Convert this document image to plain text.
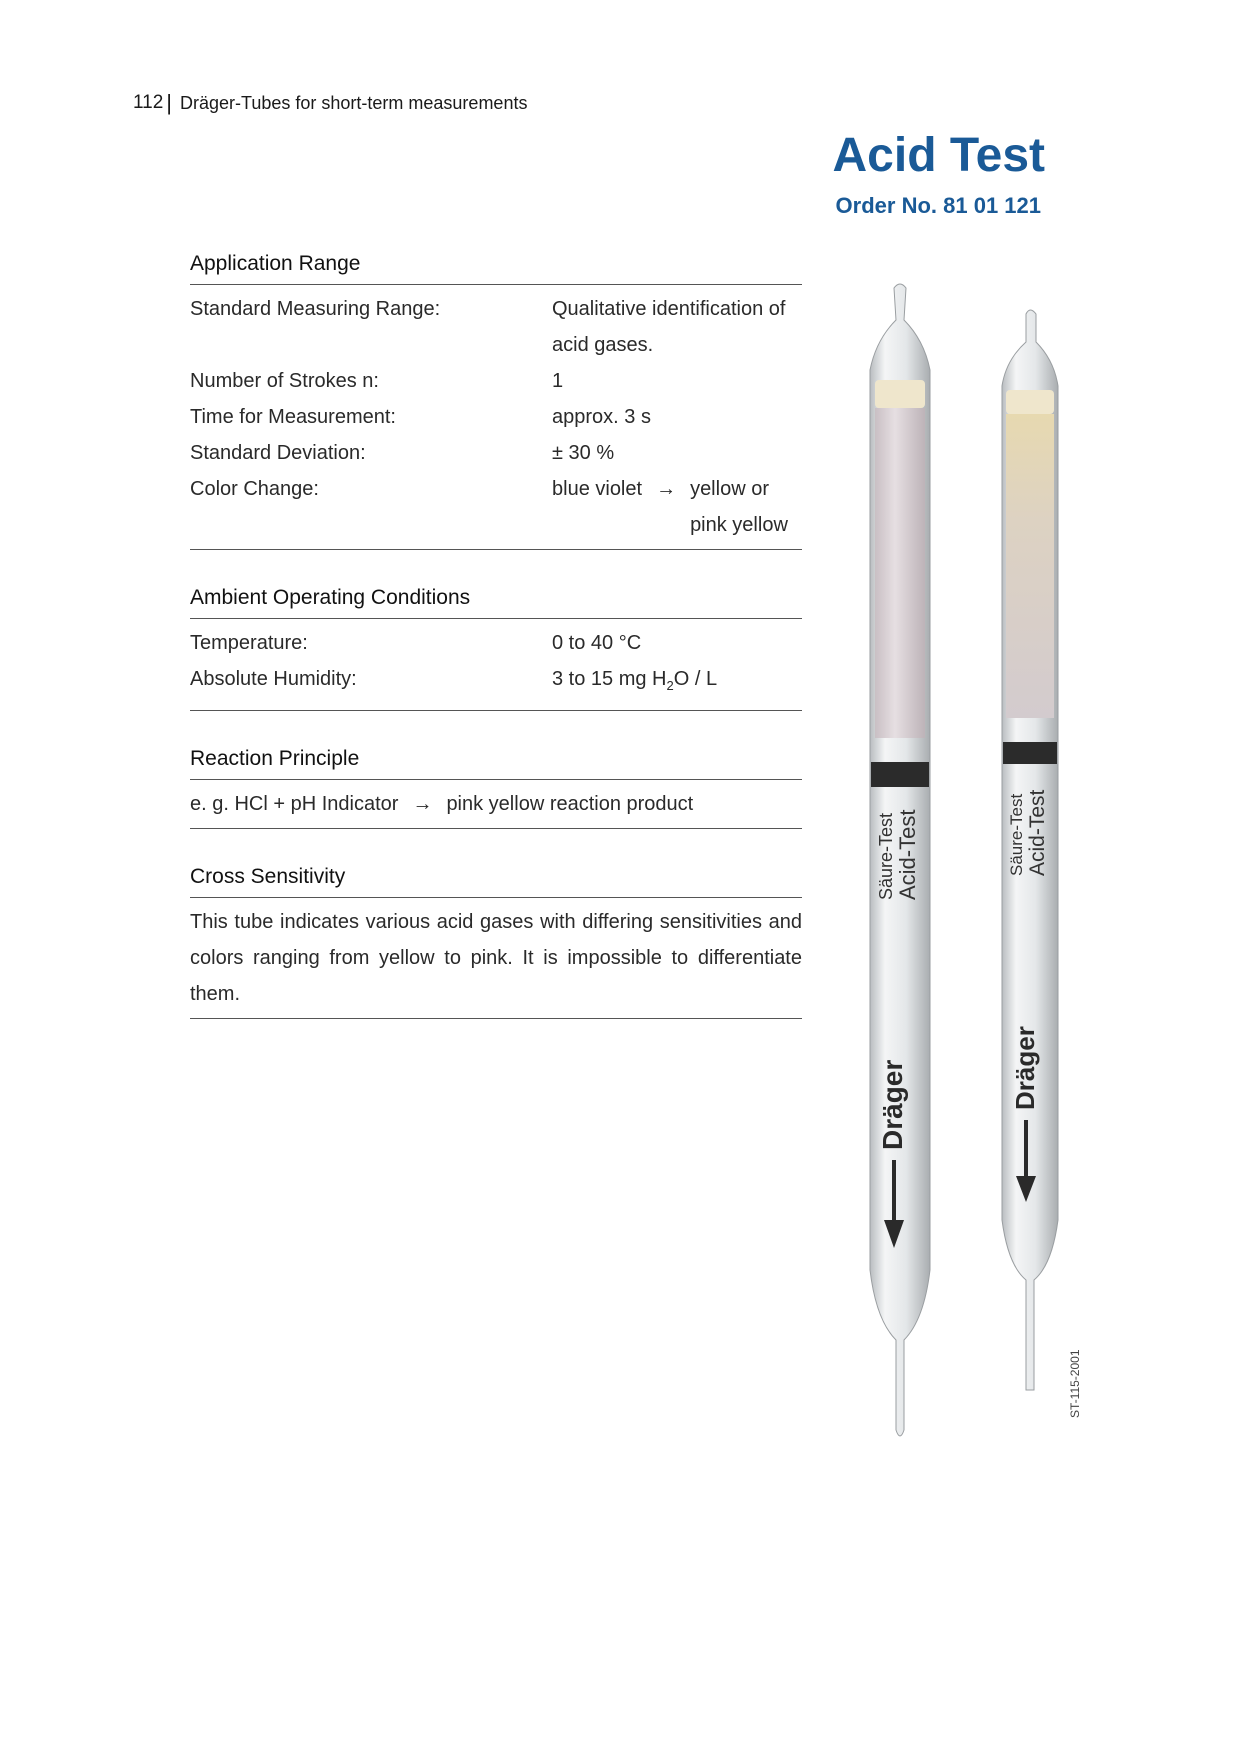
112 | Dräger-Tubes for short-term measurements
Acid Test
Order No. 81 01 121
Application Range
Standard Measuring Range:	Qualitative identification of acid gases.
Number of Strokes n:	1
Time for Measurement:	approx. 3 s
Standard Deviation:	± 30 %
Color Change:	blue violet → yellow or pink yellow
Ambient Operating Conditions
Temperature:	0 to 40 °C
Absolute Humidity:	3 to 15 mg $H_2O$ / L
Reaction Principle
e. g. HCl + pH Indicator → pink yellow reaction product
Cross Sensitivity
This tube indicates various acid gases with differing sensitivities and colors ranging from yellow to pink. It is impossible to differentiate them.
Säure-Test Acid-Test
Dräger
Säure-Test Acid-Test
Dräger
ST-115-2001
